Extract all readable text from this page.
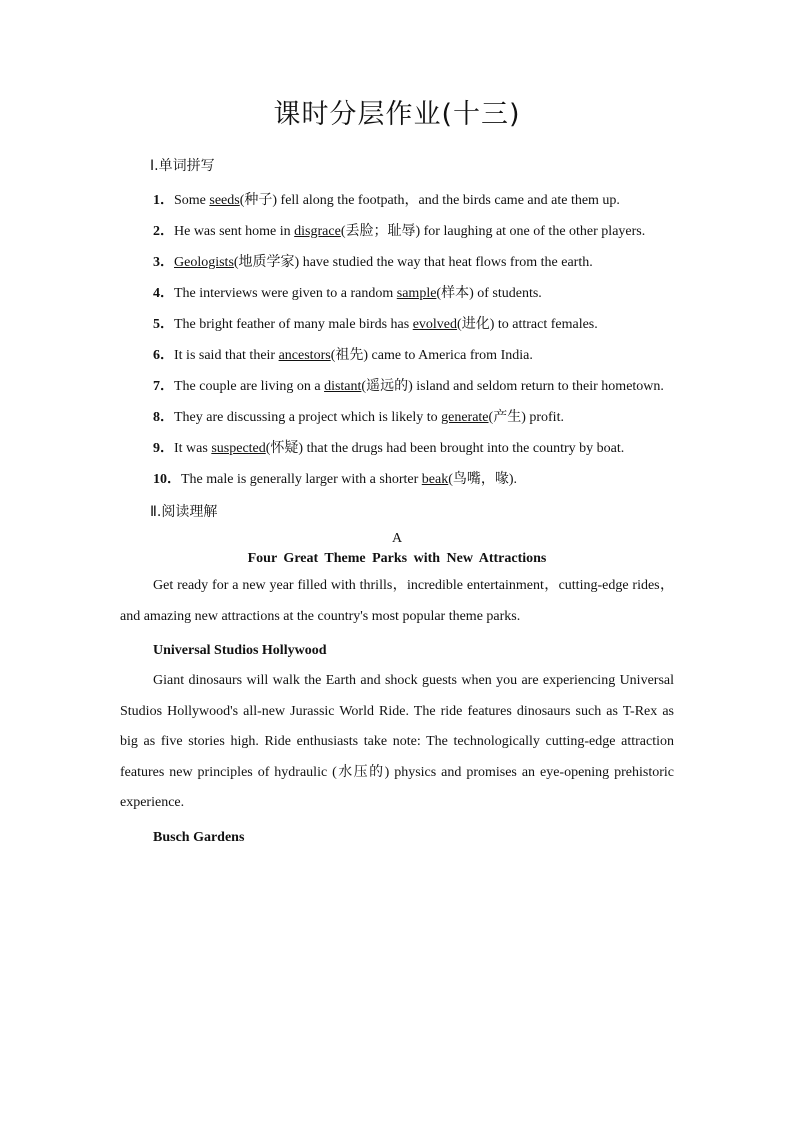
课时分层作业(十三)
Ⅰ.单词拼写

1．Some seeds(种子) fell along the footpath，and the birds came and ate them up.

2．He was sent home in disgrace(丢脸；耻辱) for laughing at one of the other players.

3．Geologists(地质学家) have studied the way that heat flows from the earth.

4．The interviews were given to a random sample(样本) of students.

5．The bright feather of many male birds has evolved(进化) to attract females.

6．It is said that their ancestors(祖先) came to America from India.

7．The couple are living on a distant(遥远的) island and seldom return to their hometown.

8．They are discussing a project which is likely to generate(产生) profit.

9．It was suspected(怀疑) that the drugs had been brought into the country by boat.

10．The male is generally larger with a shorter beak(鸟嘴，喙).

Ⅱ.阅读理解
A
Four Great Theme Parks with New Attractions

Get ready for a new year filled with thrills，incredible entertainment，cutting-edge rides，and amazing new attractions at the country's most popular theme parks.

Universal Studios Hollywood

Giant dinosaurs will walk the Earth and shock guests when you are experiencing Universal Studios Hollywood's all-new Jurassic World Ride. The ride features dinosaurs such as T-Rex as big as five stories high. Ride enthusiasts take note: The technologically cutting-edge attraction features new principles of hydraulic (水压的) physics and promises an eye-opening prehistoric experience.

Busch Gardens
